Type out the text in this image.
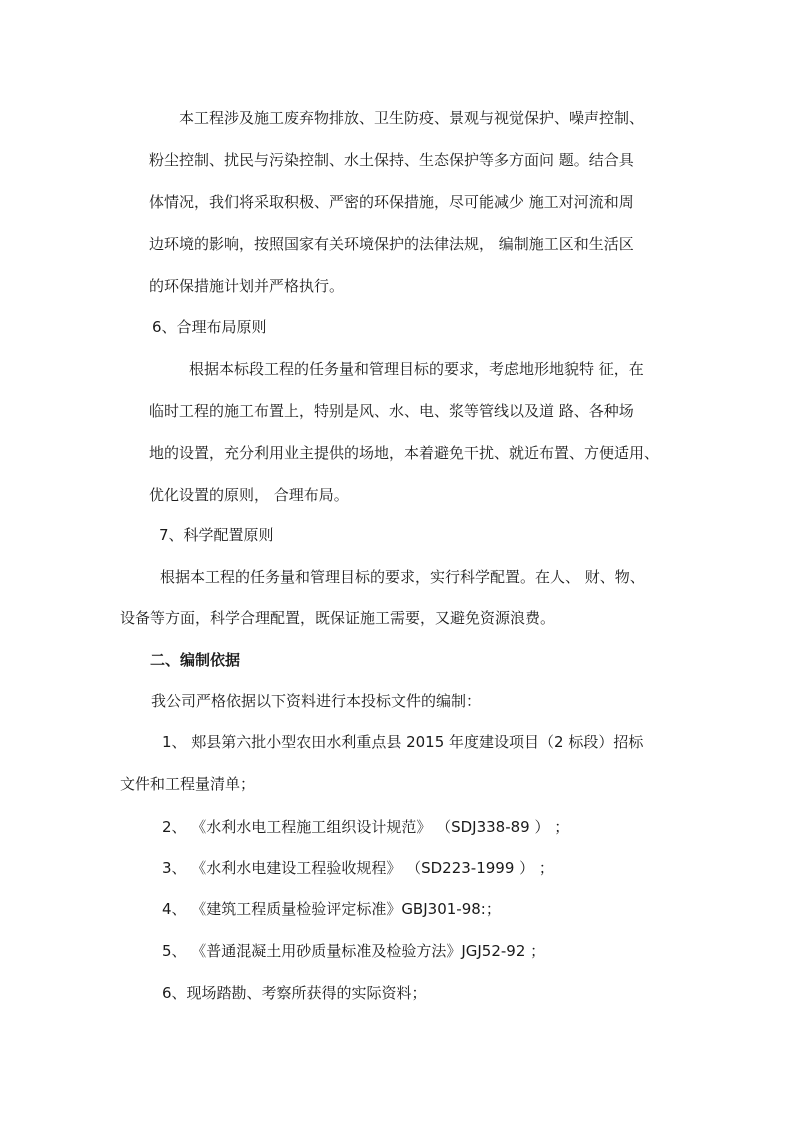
本工程涉及施工废弃物排放、卫生防疫、景观与视觉保护、噪声控制、
粉尘控制、扰民与污染控制、水土保持、生态保护等多方面问 题。结合具
体情况，我们将采取积极、严密的环保措施，尽可能减少 施工对河流和周
边环境的影响，按照国家有关环境保护的法律法规， 编制施工区和生活区
的环保措施计划并严格执行。
6、合理布局原则
根据本标段工程的任务量和管理目标的要求，考虑地形地貌特 征，在
临时工程的施工布置上，特别是风、水、电、浆等管线以及道 路、各种场
地的设置，充分利用业主提供的场地，本着避免干扰、就近布置、方便适用、
优化设置的原则， 合理布局。
7、科学配置原则
根据本工程的任务量和管理目标的要求，实行科学配置。在人、 财、物、
设备等方面，科学合理配置，既保证施工需要，又避免资源浪费。
二、编制依据
我公司严格依据以下资料进行本投标文件的编制：
1、 郏县第六批小型农田水利重点县 2015 年度建设项目（2 标段）招标
文件和工程量清单；
2、 《水利水电工程施工组织设计规范》 （SDJ338-89 ） ；
3、 《水利水电建设工程验收规程》 （SD223-1999 ） ；
4、 《建筑工程质量检验评定标准》GBJ301-98:；
5、 《普通混凝土用砂质量标准及检验方法》JGJ52-92 ；
6、现场踏勘、考察所获得的实际资料；
